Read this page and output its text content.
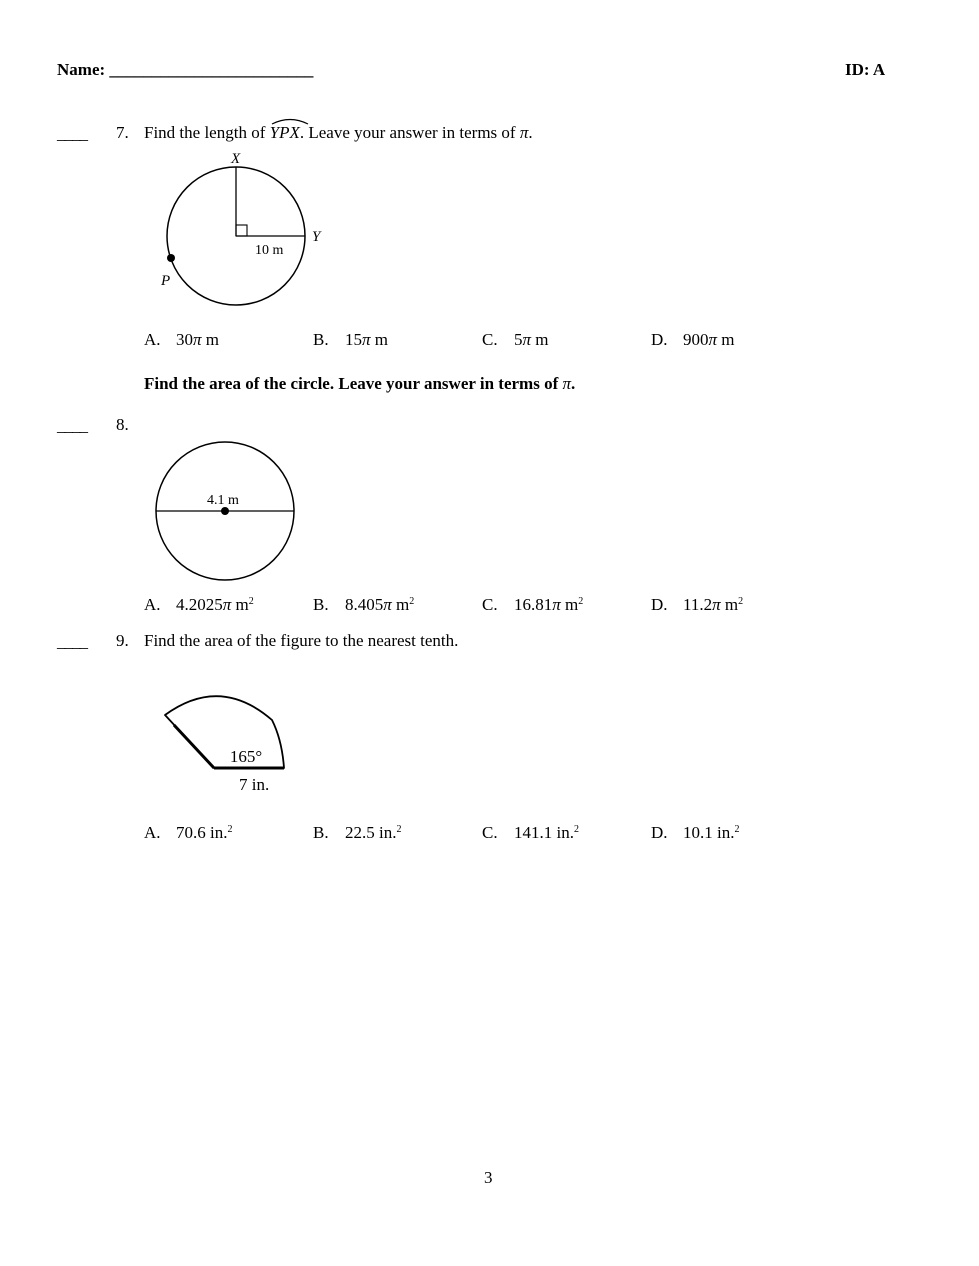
Name: ________________________	ID: A
____ 7. Find the length of YPX. Leave your answer in terms of π.
X
Y
P
10 m
A. 30π m	B. 15π m	C. 5π m	D. 900π m
Find the area of the circle. Leave your answer in terms of π.
____ 8.
4.1 m
A. 4.2025π $m^2$	B. 8.405π $m^2$	C. 16.81π $m^2$	D. 11.2π $m^2$
____ 9. Find the area of the figure to the nearest tenth.
165°
7 in.
A. 70.6 in.$^2$	B. 22.5 in.$^2$	C. 141.1 in.$^2$	D. 10.1 in.$^2$
3
